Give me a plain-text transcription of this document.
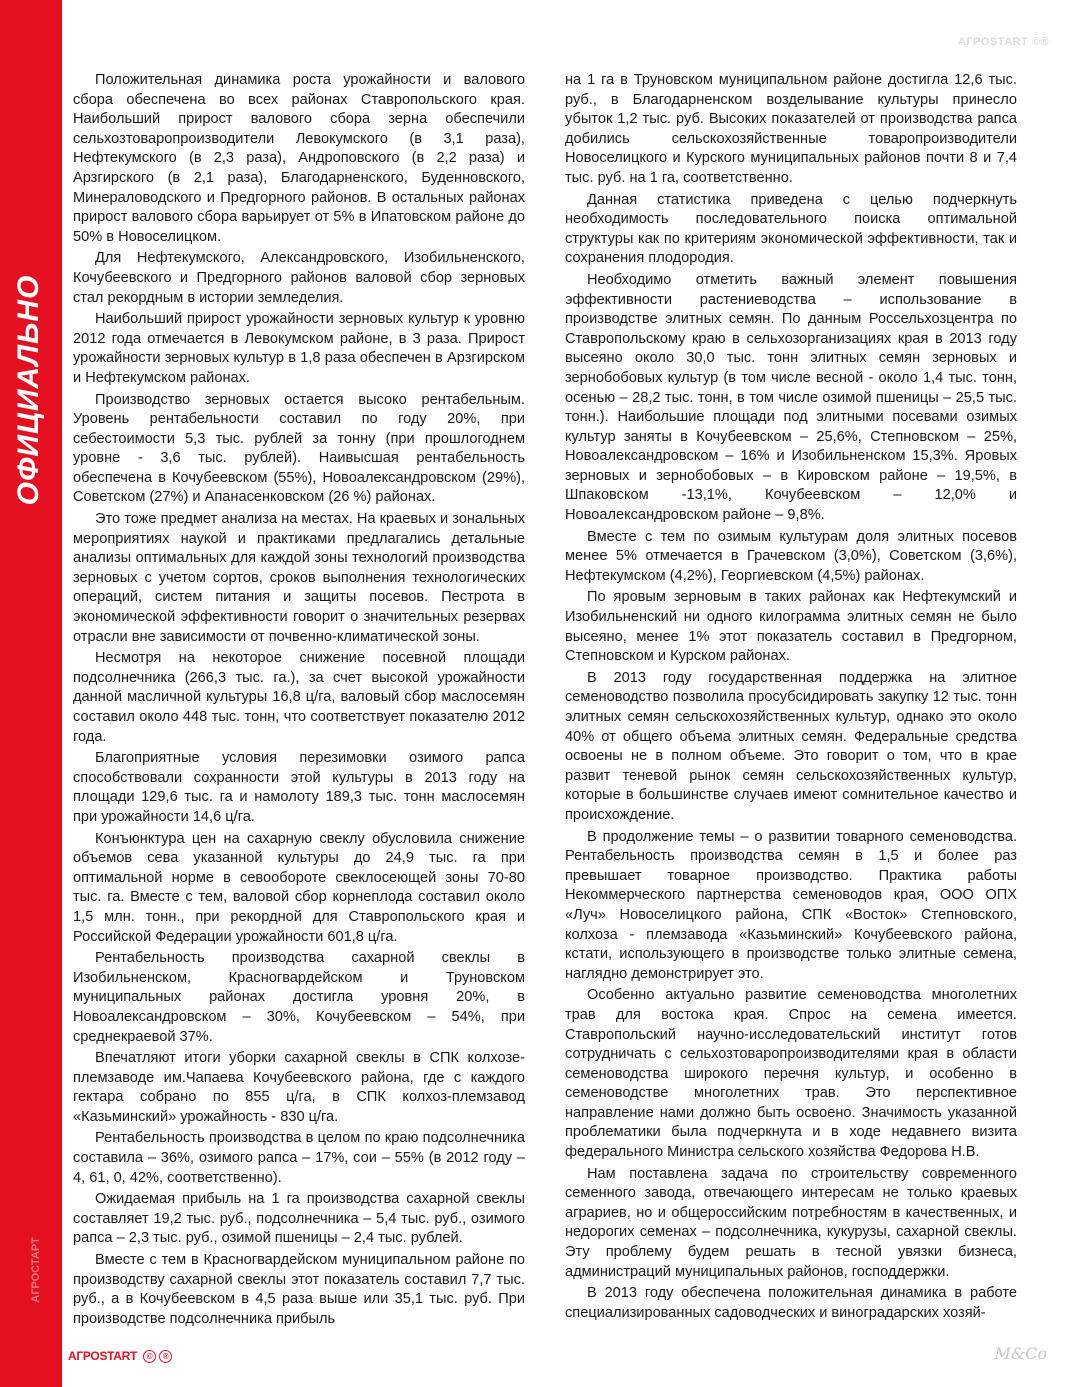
ОФИЦИАЛЬНО
АГРОСТАРТ
АГРОSTART ©®

Положительная динамика роста урожайности и валового сбора обеспечена во всех районах Ставропольского края. Наибольший прирост валового сбора зерна обеспечили сельхозтоваропроизводители Левокумского (в 3,1 раза), Нефтекумского (в 2,3 раза), Андроповского (в 2,2 раза) и Арзгирского (в 2,1 раза), Благодарненского, Буденновского, Минераловодского и Предгорного районов. В остальных районах прирост валового сбора варьирует от 5% в Ипатовском районе до 50% в Новоселицком.

Для Нефтекумского, Александровского, Изобильненского, Кочубеевского и Предгорного районов валовой сбор зерновых стал рекордным в истории земледелия.

Наибольший прирост урожайности зерновых культур к уровню 2012 года отмечается в Левокумском районе, в 3 раза. Прирост урожайности зерновых культур в 1,8 раза обеспечен в Арзгирском и Нефтекумском районах.

Производство зерновых остается высоко рентабельным. Уровень рентабельности составил по году 20%, при себестоимости 5,3 тыс. рублей за тонну (при прошлогоднем уровне - 3,6 тыс. рублей). Наивысшая рентабельность обеспечена в Кочубеевском (55%), Новоалександровском (29%), Советском (27%) и Апанасенковском (26 %) районах.

Это тоже предмет анализа на местах. На краевых и зональных мероприятиях наукой и практиками предлагались детальные анализы оптимальных для каждой зоны технологий производства зерновых с учетом сортов, сроков выполнения технологических операций, систем питания и защиты посевов. Пестрота в экономической эффективности говорит о значительных резервах отрасли вне зависимости от почвенно-климатической зоны.

Несмотря на некоторое снижение посевной площади подсолнечника (266,3 тыс. га.), за счет высокой урожайности данной масличной культуры 16,8 ц/га, валовый сбор маслосемян составил около 448 тыс. тонн, что соответствует показателю 2012 года.

Благоприятные условия перезимовки озимого рапса способствовали сохранности этой культуры в 2013 году на площади 129,6 тыс. га и намолоту 189,3 тыс. тонн маслосемян при урожайности 14,6 ц/га.

Конъюнктура цен на сахарную свеклу обусловила снижение объемов сева указанной культуры до 24,9 тыс. га при оптимальной норме в севообороте свеклосеющей зоны 70-80 тыс. га. Вместе с тем, валовой сбор корнеплода составил около 1,5 млн. тонн., при рекордной для Ставропольского края и Российской Федерации урожайности 601,8 ц/га.

Рентабельность производства сахарной свеклы в Изобильненском, Красногвардейском и Труновском муниципальных районах достигла уровня 20%, в Новоалександровском – 30%, Кочубеевском – 54%, при среднекраевой 37%.

Впечатляют итоги уборки сахарной свеклы в СПК колхозе-племзаводе им.Чапаева Кочубеевского района, где с каждого гектара собрано по 855 ц/га, в СПК колхоз-племзавод «Казьминский» урожайность - 830 ц/га.

Рентабельность производства в целом по краю подсолнечника составила – 36%, озимого рапса – 17%, сои – 55% (в 2012 году – 4, 61, 0, 42%, соответственно).

Ожидаемая прибыль на 1 га производства сахарной свеклы составляет 19,2 тыс. руб., подсолнечника – 5,4 тыс. руб., озимого рапса – 2,3 тыс. руб., озимой пшеницы – 2,4 тыс. рублей.

Вместе с тем в Красногвардейском муниципальном районе по производству сахарной свеклы этот показатель составил 7,7 тыс. руб., а в Кочубеевском в 4,5 раза выше или 35,1 тыс. руб. При производстве подсолнечника прибыль

на 1 га в Труновском муниципальном районе достигла 12,6 тыс. руб., в Благодарненском возделывание культуры принесло убыток 1,2 тыс. руб. Высоких показателей от производства рапса добились сельскохозяйственные товаропроизводители Новоселицкого и Курского муниципальных районов почти 8 и 7,4 тыс. руб. на 1 га, соответственно.

Данная статистика приведена с целью подчеркнуть необходимость последовательного поиска оптимальной структуры как по критериям экономической эффективности, так и сохранения плодородия.

Необходимо отметить важный элемент повышения эффективности растениеводства – использование в производстве элитных семян. По данным Россельхозцентра по Ставропольскому краю в сельхозорганизациях края в 2013 году высеяно около 30,0 тыс. тонн элитных семян зерновых и зернобобовых культур (в том числе весной - около 1,4 тыс. тонн, осенью – 28,2 тыс. тонн, в том числе озимой пшеницы – 25,5 тыс. тонн.). Наибольшие площади под элитными посевами озимых культур заняты в Кочубеевском – 25,6%, Степновском – 25%, Новоалександровском – 16% и Изобильненском 15,3%. Яровых зерновых и зернобобовых – в Кировском районе – 19,5%, в Шпаковском -13,1%, Кочубеевском – 12,0% и Новоалександровском районе – 9,8%.

Вместе с тем по озимым культурам доля элитных посевов менее 5% отмечается в Грачевском (3,0%), Советском (3,6%), Нефтекумском (4,2%), Георгиевском (4,5%) районах.

По яровым зерновым в таких районах как Нефтекумский и Изобильненский ни одного килограмма элитных семян не было высеяно, менее 1% этот показатель составил в Предгорном, Степновском и Курском районах.

В 2013 году государственная поддержка на элитное семеноводство позволила просубсидировать закупку 12 тыс. тонн элитных семян сельскохозяйственных культур, однако это около 40% от общего объема элитных семян. Федеральные средства освоены не в полном объеме. Это говорит о том, что в крае развит теневой рынок семян сельскохозяйственных культур, которые в большинстве случаев имеют сомнительное качество и происхождение.

В продолжение темы – о развитии товарного семеноводства. Рентабельность производства семян в 1,5 и более раз превышает товарное производство. Практика работы Некоммерческого партнерства семеноводов края, ООО ОПХ «Луч» Новоселицкого района, СПК «Восток» Степновского, колхоза - племзавода «Казьминский» Кочубеевского района, кстати, использующего в производстве только элитные семена, наглядно демонстрирует это.

Особенно актуально развитие семеноводства многолетних трав для востока края. Спрос на семена имеется. Ставропольский научно-исследовательский институт готов сотрудничать с сельхозтоваропроизводителями края в области семеноводства широкого перечня культур, и особенно в семеноводстве многолетних трав. Это перспективное направление нами должно быть освоено. Значимость указанной проблематики была подчеркнута и в ходе недавнего визита федерального Министра сельского хозяйства Федорова Н.В.

Нам поставлена задача по строительству современного семенного завода, отвечающего интересам не только краевых аграриев, но и общероссийским потребностям в качественных, и недорогих семенах – подсолнечника, кукурузы, сахарной свеклы. Эту проблему будем решать в тесной увязки бизнеса, администраций муниципальных районов, господдержки.

В 2013 году обеспечена положительная динамика в работе специализированных садоводческих и виноградарских хозяй-

АГРОSTART © ®	М&Со
